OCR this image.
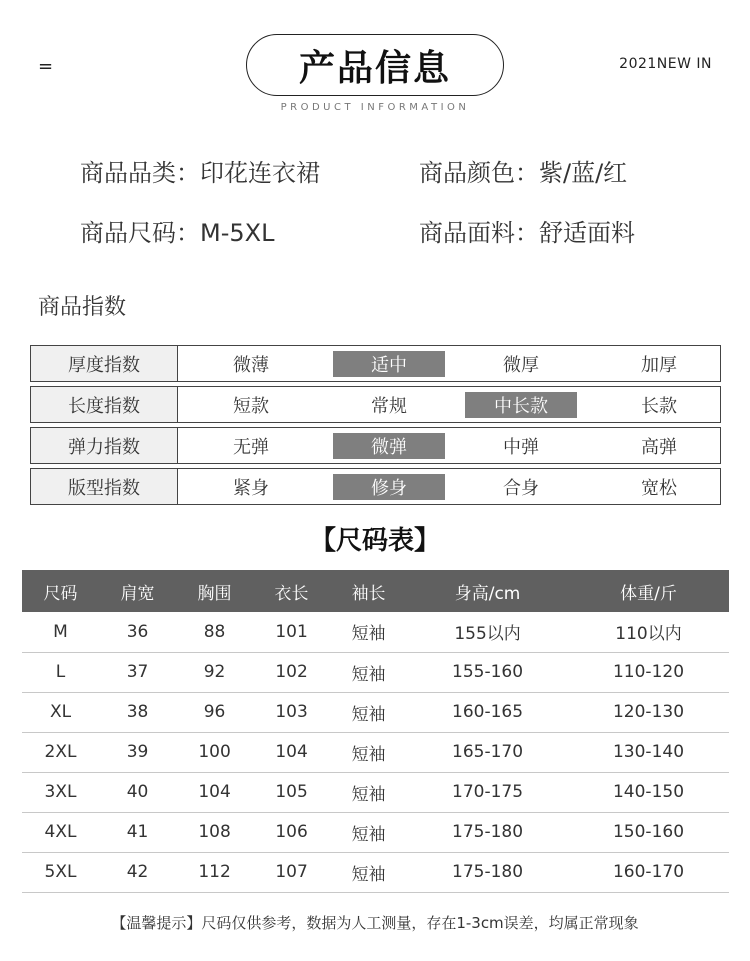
=	产品信息
PRODUCT INFORMATION
2021NEW IN
商品品类：印花连衣裙	商品颜色：紫/蓝/红
商品尺码：M-5XL	商品面料：舒适面料
商品指数
厚度指数	微薄	适中	微厚	加厚
长度指数	短款	常规	中长款	长款
弹力指数	无弹	微弹	中弹	高弹
版型指数	紧身	修身	合身	宽松
【尺码表】
尺码	肩宽	胸围	衣长	袖长	身高/cm	体重/斤
M	36	88	101	短袖	155以内	110以内
L	37	92	102	短袖	155-160	110-120
XL	38	96	103	短袖	160-165	120-130
2XL	39	100	104	短袖	165-170	130-140
3XL	40	104	105	短袖	170-175	140-150
4XL	41	108	106	短袖	175-180	150-160
5XL	42	112	107	短袖	175-180	160-170
【温馨提示】尺码仅供参考，数据为人工测量，存在1-3cm误差，均属正常现象
